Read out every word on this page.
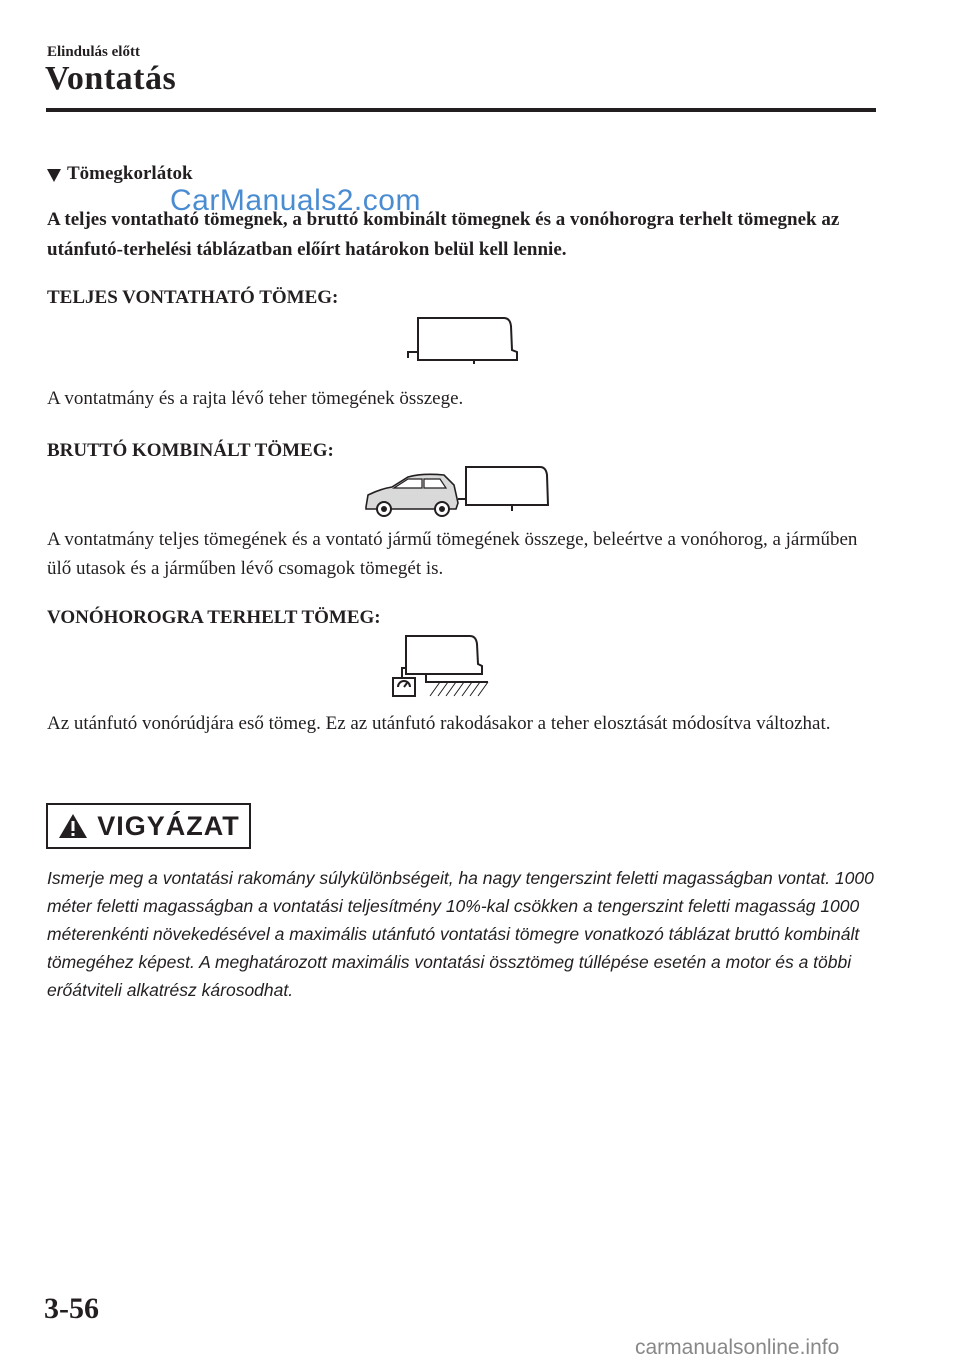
Elindulás előtt
Vontatás
Tömegkorlátok
A teljes vontatható tömegnek, a bruttó kombinált tömegnek és a vonóhorogra terhelt tömegnek az utánfutó-terhelési táblázatban előírt határokon belül kell lennie.
CarManuals2.com
TELJES VONTATHATÓ TÖMEG:
A vontatmány és a rajta lévő teher tömegének összege.
BRUTTÓ KOMBINÁLT TÖMEG:
A vontatmány teljes tömegének és a vontató jármű tömegének összege, beleértve a vonóhorog, a járműben ülő utasok és a járműben lévő csomagok tömegét is.
VONÓHOROGRA TERHELT TÖMEG:
Az utánfutó vonórúdjára eső tömeg. Ez az utánfutó rakodásakor a teher elosztását módosítva változhat.
VIGYÁZAT
Ismerje meg a vontatási rakomány súlykülönbségeit, ha nagy tengerszint feletti magasságban vontat. 1000 méter feletti magasságban a vontatási teljesítmény 10%-kal csökken a tengerszint feletti magasság 1000 méterenkénti növekedésével a maximális utánfutó vontatási tömegre vonatkozó táblázat bruttó kombinált tömegéhez képest. A meghatározott maximális vontatási össztömeg túllépése esetén a motor és a többi erőátviteli alkatrész károsodhat.
3-56
carmanualsonline.info
